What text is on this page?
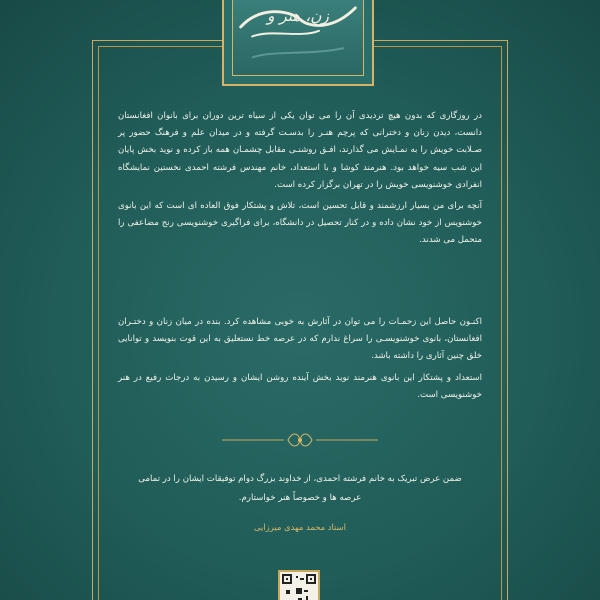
زن، هنر و

در روزگاری که بدون هیچ تردیدی آن را می توان یکی از سیاه ترین دوران برای بانوان افغانستان دانست، دیدن زنان و دخترانی که پرچم هنـر را بدسـت گرفته و در میدان علم و فرهنگ حضور پر صـلابت خویش را به نمـایش می گذارند، افـق روشنـی مقابل چشمـان همه باز کرده و نوید بخش پایان این شب سیه خواهد بود. هنرمند کوشا و با استعداد، خانم مهندس فرشته احمدی نخستین نمایشگاه انفرادی خوشنویسی خویش را در تهران برگزار کرده است.

آنچه برای من بسیار ارزشمند و قابل تحسین است، تلاش و پشتکار فوق العاده ای است که این بانوی خوشنویس از خود نشان داده و در کنار تحصیل در دانشگاه، برای فراگیری خوشنویسی رنج مضاعفی را متحمل می شدند.

اکنـون حاصل این زحمـات را می توان در آثارش به خوبی مشاهده کرد. بنده در میان زنان و دختـران افغانستان، بانوی خوشنویسـی را سراغ ندارم که در عرصه خط نستعلیق به این قوت بنویسد و توانایی خلق چنین آثاری را داشته باشد.

استعداد و پشتکار این بانوی هنرمند نوید بخش آینده روشن ایشان و رسیدن به درجات رفیع در هنر خوشنویسی است.

ضمن عرض تبریک به خانم فرشته احمدی، از خداوند بزرگ دوام توفیقات ایشان را در تمامی عرصه ها و خصوصاً هنر خواستارم.
استاد محمد مهدی میرزایی
